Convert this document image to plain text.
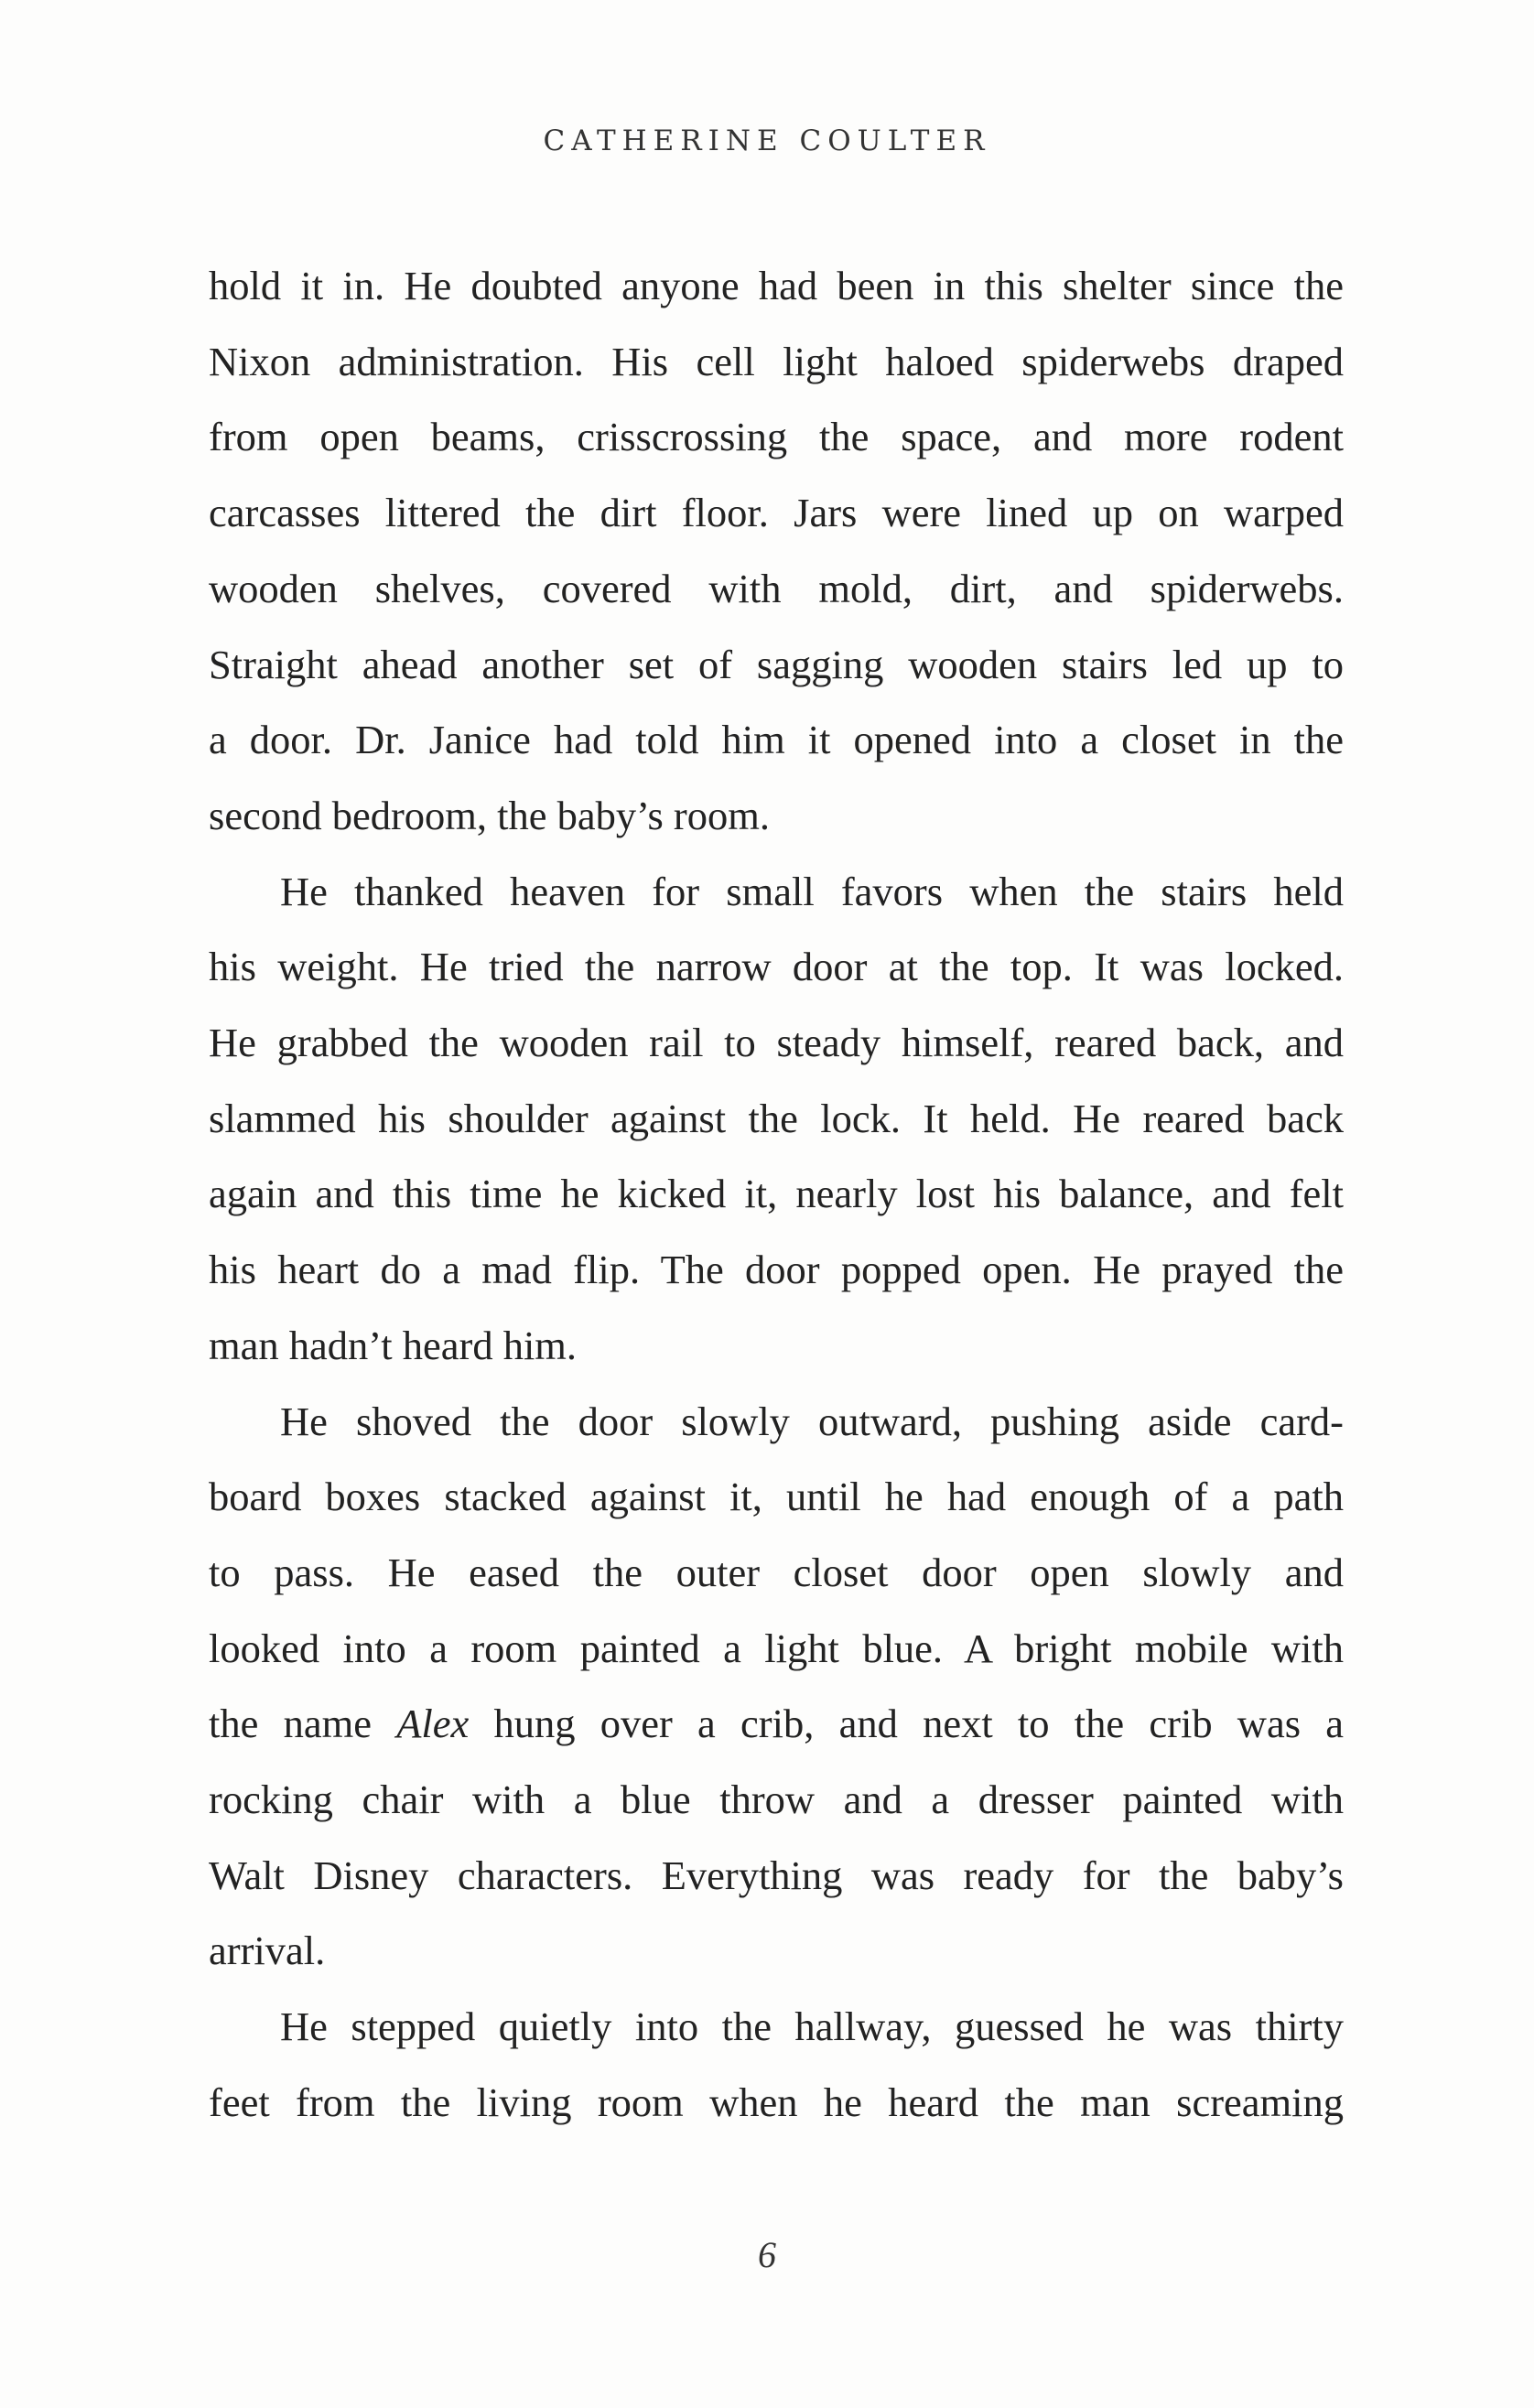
CATHERINE COULTER

hold it in. He doubted anyone had been in this shelter since the
Nixon administration. His cell light haloed spiderwebs draped
from open beams, crisscrossing the space, and more rodent
carcasses littered the dirt floor. Jars were lined up on warped
wooden shelves, covered with mold, dirt, and spiderwebs.
Straight ahead another set of sagging wooden stairs led up to
a door. Dr. Janice had told him it opened into a closet in the
second bedroom, the baby’s room.

He thanked heaven for small favors when the stairs held
his weight. He tried the narrow door at the top. It was locked.
He grabbed the wooden rail to steady himself, reared back, and
slammed his shoulder against the lock. It held. He reared back
again and this time he kicked it, nearly lost his balance, and felt
his heart do a mad flip. The door popped open. He prayed the
man hadn’t heard him.

He shoved the door slowly outward, pushing aside card-
board boxes stacked against it, until he had enough of a path
to pass. He eased the outer closet door open slowly and
looked into a room painted a light blue. A bright mobile with
the name Alex hung over a crib, and next to the crib was a
rocking chair with a blue throw and a dresser painted with
Walt Disney characters. Everything was ready for the baby’s
arrival.

He stepped quietly into the hallway, guessed he was thirty
feet from the living room when he heard the man screaming

6
